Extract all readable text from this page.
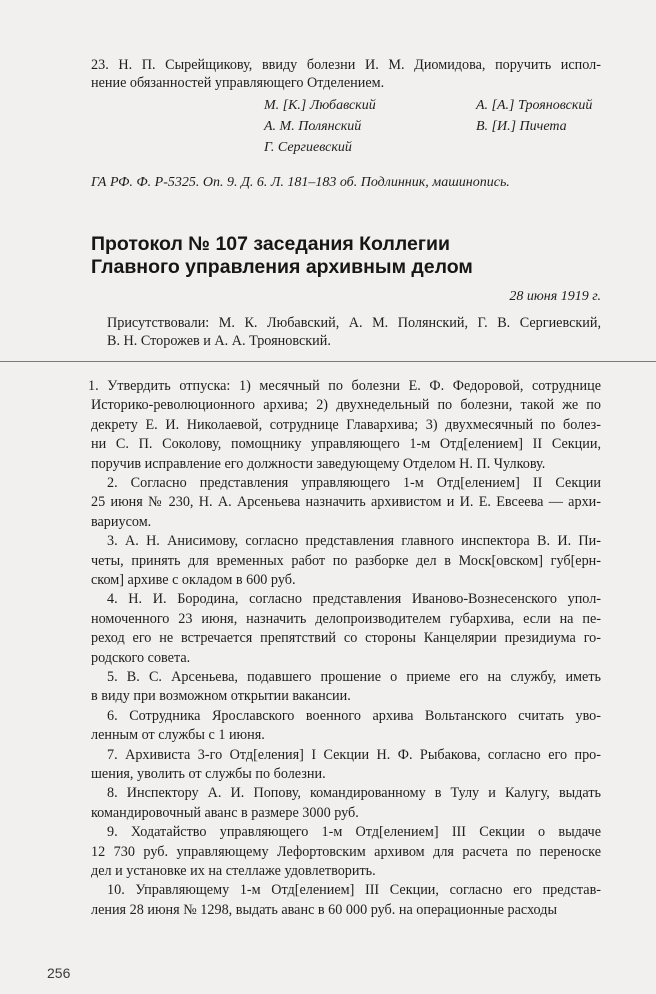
23. Н. П. Сырейщикову, ввиду болезни И. М. Диомидова, поручить испол-
нение обязанностей управляющего Отделением.
М. [К.] Любавский	А. [А.] Трояновский
А. М. Полянский	В. [И.] Пичета
Г. Сергиевский
ГА РФ. Ф. Р-5325. Оп. 9. Д. 6. Л. 181–183 об. Подлинник, машинопись.
Протокол № 107 заседания Коллегии
Главного управления архивным делом
28 июня 1919 г.
Присутствовали: М. К. Любавский, А. М. Полянский, Г. В. Сергиевский,
В. Н. Сторожев и А. А. Трояновский.
1. Утвердить отпуска: 1) месячный по болезни Е. Ф. Федоровой, сотруднице
Историко-революционного архива; 2) двухнедельный по болезни, такой же по
декрету Е. И. Николаевой, сотруднице Главархива; 3) двухмесячный по болез-
ни С. П. Соколову, помощнику управляющего 1-м Отд[елением] II Секции,
поручив исправление его должности заведующему Отделом Н. П. Чулкову.
2. Согласно представления управляющего 1-м Отд[елением] II Секции
25 июня № 230, Н. А. Арсеньева назначить архивистом и И. Е. Евсеева — архи-
вариусом.
3. А. Н. Анисимову, согласно представления главного инспектора В. И. Пи-
четы, принять для временных работ по разборке дел в Моск[овском] губ[ерн-
ском] архиве с окладом в 600 руб.
4. Н. И. Бородина, согласно представления Иваново-Вознесенского упол-
номоченного 23 июня, назначить делопроизводителем губархива, если на пе-
реход его не встречается препятствий со стороны Канцелярии президиума го-
родского совета.
5. В. С. Арсеньева, подавшего прошение о приеме его на службу, иметь
в виду при возможном открытии вакансии.
6. Сотрудника Ярославского военного архива Вольтанского считать уво-
ленным от службы с 1 июня.
7. Архивиста 3-го Отд[еления] I Секции Н. Ф. Рыбакова, согласно его про-
шения, уволить от службы по болезни.
8. Инспектору А. И. Попову, командированному в Тулу и Калугу, выдать
командировочный аванс в размере 3000 руб.
9. Ходатайство управляющего 1-м Отд[елением] III Секции о выдаче
12 730 руб. управляющему Лефортовским архивом для расчета по переноске
дел и установке их на стеллаже удовлетворить.
10. Управляющему 1-м Отд[елением] III Секции, согласно его представ-
ления 28 июня № 1298, выдать аванс в 60 000 руб. на операционные расходы
256
